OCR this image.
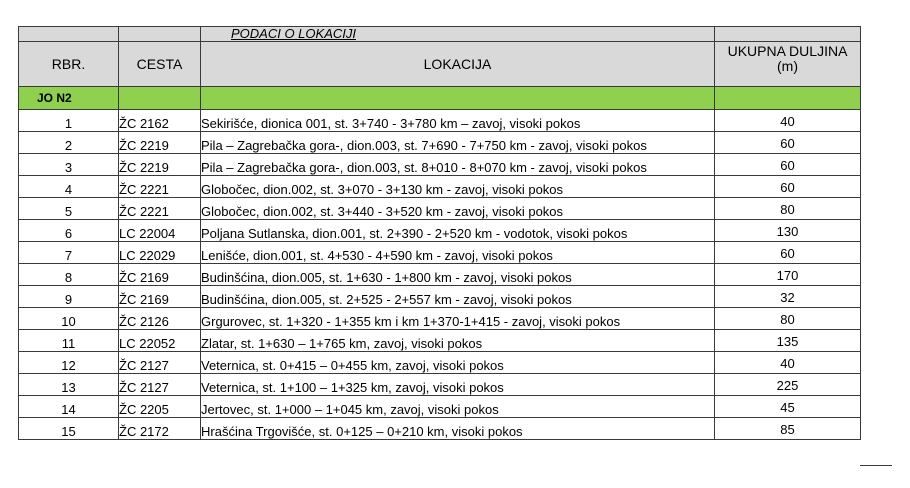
		PODACI O LOKACIJI	
RBR.	CESTA	LOKACIJA	UKUPNA DULJINA
(m)

JO N2			
1	ŽC 2162	Sekirišće, dionica 001, st. 3+740 - 3+780 km – zavoj, visoki pokos	40
2	ŽC 2219	Pila – Zagrebačka gora-, dion.003, st. 7+690 - 7+750 km - zavoj, visoki pokos	60
3	ŽC 2219	Pila – Zagrebačka gora-, dion.003, st. 8+010 - 8+070 km - zavoj, visoki pokos	60
4	ŽC 2221	Globočec, dion.002, st. 3+070 - 3+130 km - zavoj, visoki pokos	60
5	ŽC 2221	Globočec, dion.002, st. 3+440 - 3+520 km - zavoj, visoki pokos	80
6	LC 22004	Poljana Sutlanska, dion.001, st. 2+390 - 2+520 km - vodotok, visoki pokos	130
7	LC 22029	Lenišće, dion.001, st. 4+530 - 4+590 km - zavoj, visoki pokos	60
8	ŽC 2169	Budinšćina, dion.005, st. 1+630 - 1+800 km - zavoj, visoki pokos	170
9	ŽC 2169	Budinšćina, dion.005, st. 2+525 - 2+557 km - zavoj, visoki pokos	32
10	ŽC 2126	Grgurovec, st. 1+320 - 1+355 km i km 1+370-1+415 - zavoj, visoki pokos	80
11	LC 22052	Zlatar, st. 1+630 – 1+765 km, zavoj, visoki pokos	135
12	ŽC 2127	Veternica, st. 0+415 – 0+455 km, zavoj, visoki pokos	40
13	ŽC 2127	Veternica, st. 1+100 – 1+325 km, zavoj, visoki pokos	225
14	ŽC 2205	Jertovec, st. 1+000 – 1+045 km, zavoj, visoki pokos	45
15	ŽC 2172	Hrašćina Trgovišće, st. 0+125 – 0+210 km, visoki pokos	85
